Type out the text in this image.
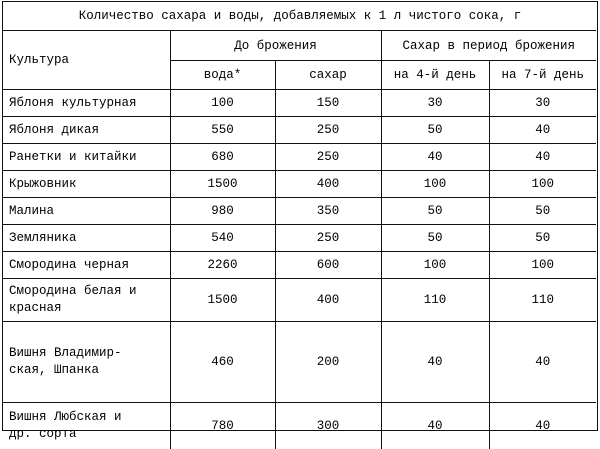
Количество сахара и воды, добавляемых к 1 л чистого сока, г
Культура	До брожения		Сахар в период брожения	
	вода*	сахар	на 4-й день	на 7-й день
Яблоня культурная	100	150	30	30
Яблоня дикая	550	250	50	40
Ранетки и китайки	680	250	40	40
Крыжовник	1500	400	100	100
Малина	980	350	50	50
Земляника	540	250	50	50
Смородина черная	2260	600	100	100
Смородина белая и
красная	1500	400	110	110
Вишня Владимир-
ская, Шпанка	460	200	40	40
Вишня Любская и
др. сорта	780	300	40	40
